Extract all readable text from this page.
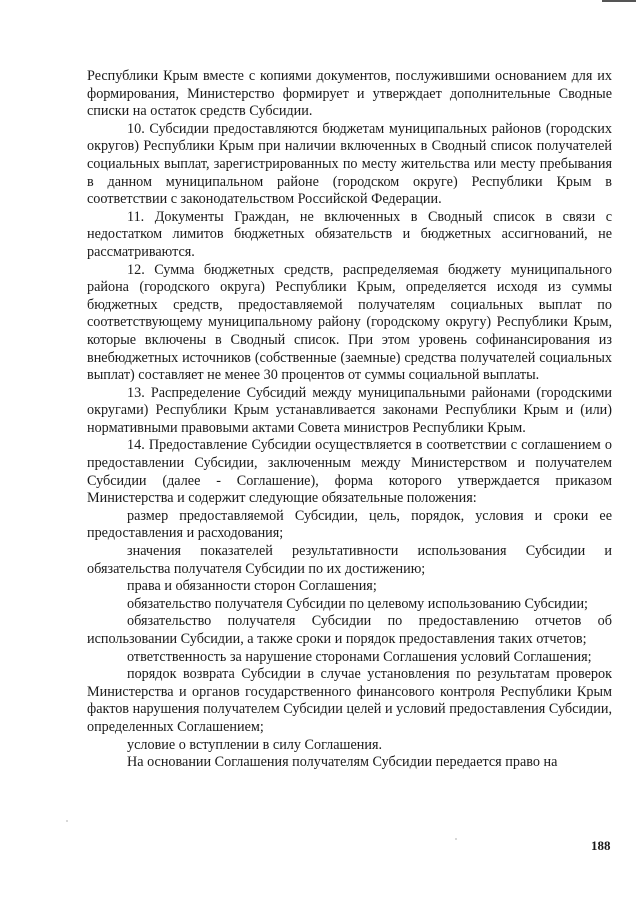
Республики Крым вместе с копиями документов, послужившими основанием для их формирования, Министерство формирует и утверждает дополнительные Сводные списки на остаток средств Субсидии.

10. Субсидии предоставляются бюджетам муниципальных районов (городских округов) Республики Крым при наличии включенных в Сводный список получателей социальных выплат, зарегистрированных по месту жительства или месту пребывания в данном муниципальном районе (городском округе) Республики Крым в соответствии с законодательством Российской Федерации.

11. Документы Граждан, не включенных в Сводный список в связи с недостатком лимитов бюджетных обязательств и бюджетных ассигнований, не рассматриваются.

12. Сумма бюджетных средств, распределяемая бюджету муниципального района (городского округа) Республики Крым, определяется исходя из суммы бюджетных средств, предоставляемой получателям социальных выплат по соответствующему муниципальному району (городскому округу) Республики Крым, которые включены в Сводный список. При этом уровень софинансирования из внебюджетных источников (собственные (заемные) средства получателей социальных выплат) составляет не менее 30 процентов от суммы социальной выплаты.

13. Распределение Субсидий между муниципальными районами (городскими округами) Республики Крым устанавливается законами Республики Крым и (или) нормативными правовыми актами Совета министров Республики Крым.

14. Предоставление Субсидии осуществляется в соответствии с соглашением о предоставлении Субсидии, заключенным между Министерством и получателем Субсидии (далее - Соглашение), форма которого утверждается приказом Министерства и содержит следующие обязательные положения:

размер предоставляемой Субсидии, цель, порядок, условия и сроки ее предоставления и расходования;

значения показателей результативности использования Субсидии и обязательства получателя Субсидии по их достижению;

права и обязанности сторон Соглашения;

обязательство получателя Субсидии по целевому использованию Субсидии;

обязательство получателя Субсидии по предоставлению отчетов об использовании Субсидии, а также сроки и порядок предоставления таких отчетов;

ответственность за нарушение сторонами Соглашения условий Соглашения;

порядок возврата Субсидии в случае установления по результатам проверок Министерства и органов государственного финансового контроля Республики Крым фактов нарушения получателем Субсидии целей и условий предоставления Субсидии, определенных Соглашением;

условие о вступлении в силу Соглашения.

На основании Соглашения получателям Субсидии передается право на

188
